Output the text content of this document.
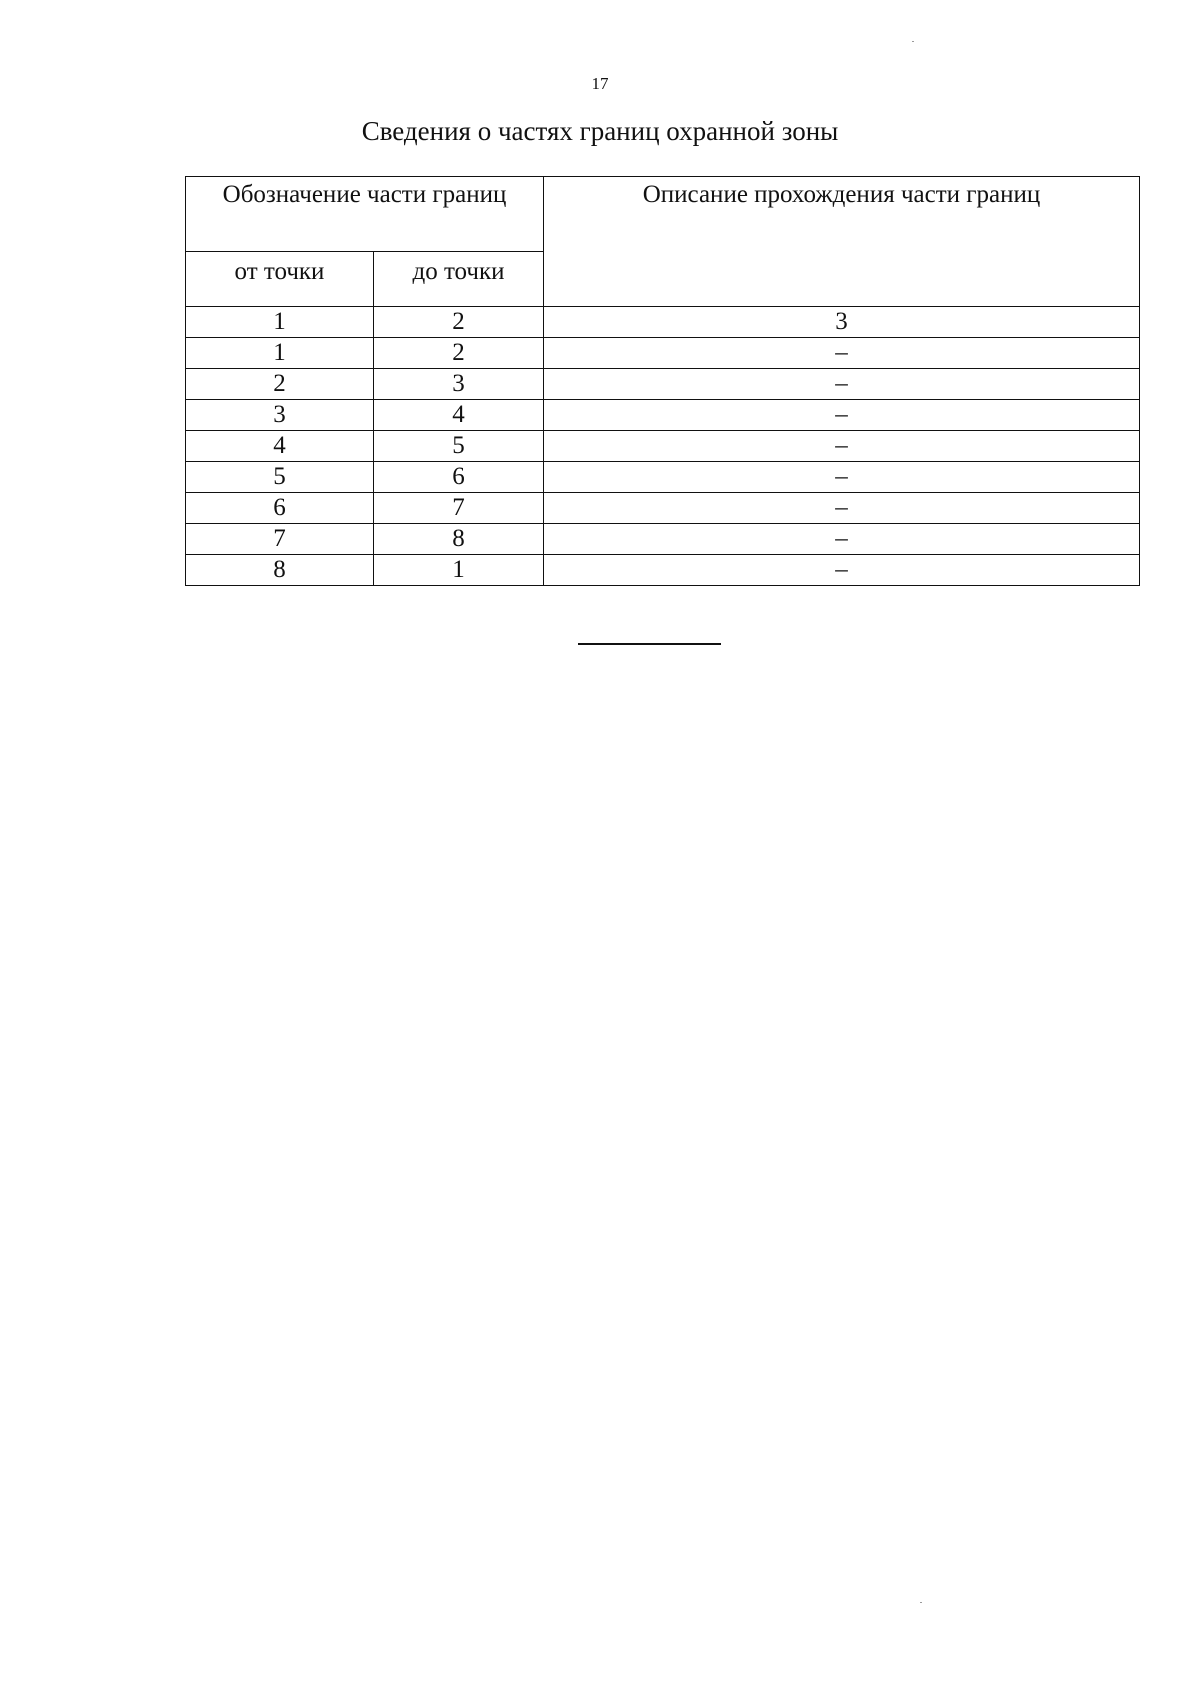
17
Сведения о частях границ охранной зоны
Обозначение части границ		Описание прохождения части границ
от точки	до точки	
1	2	3
1	2	–
2	3	–
3	4	–
4	5	–
5	6	–
6	7	–
7	8	–
8	1	–
